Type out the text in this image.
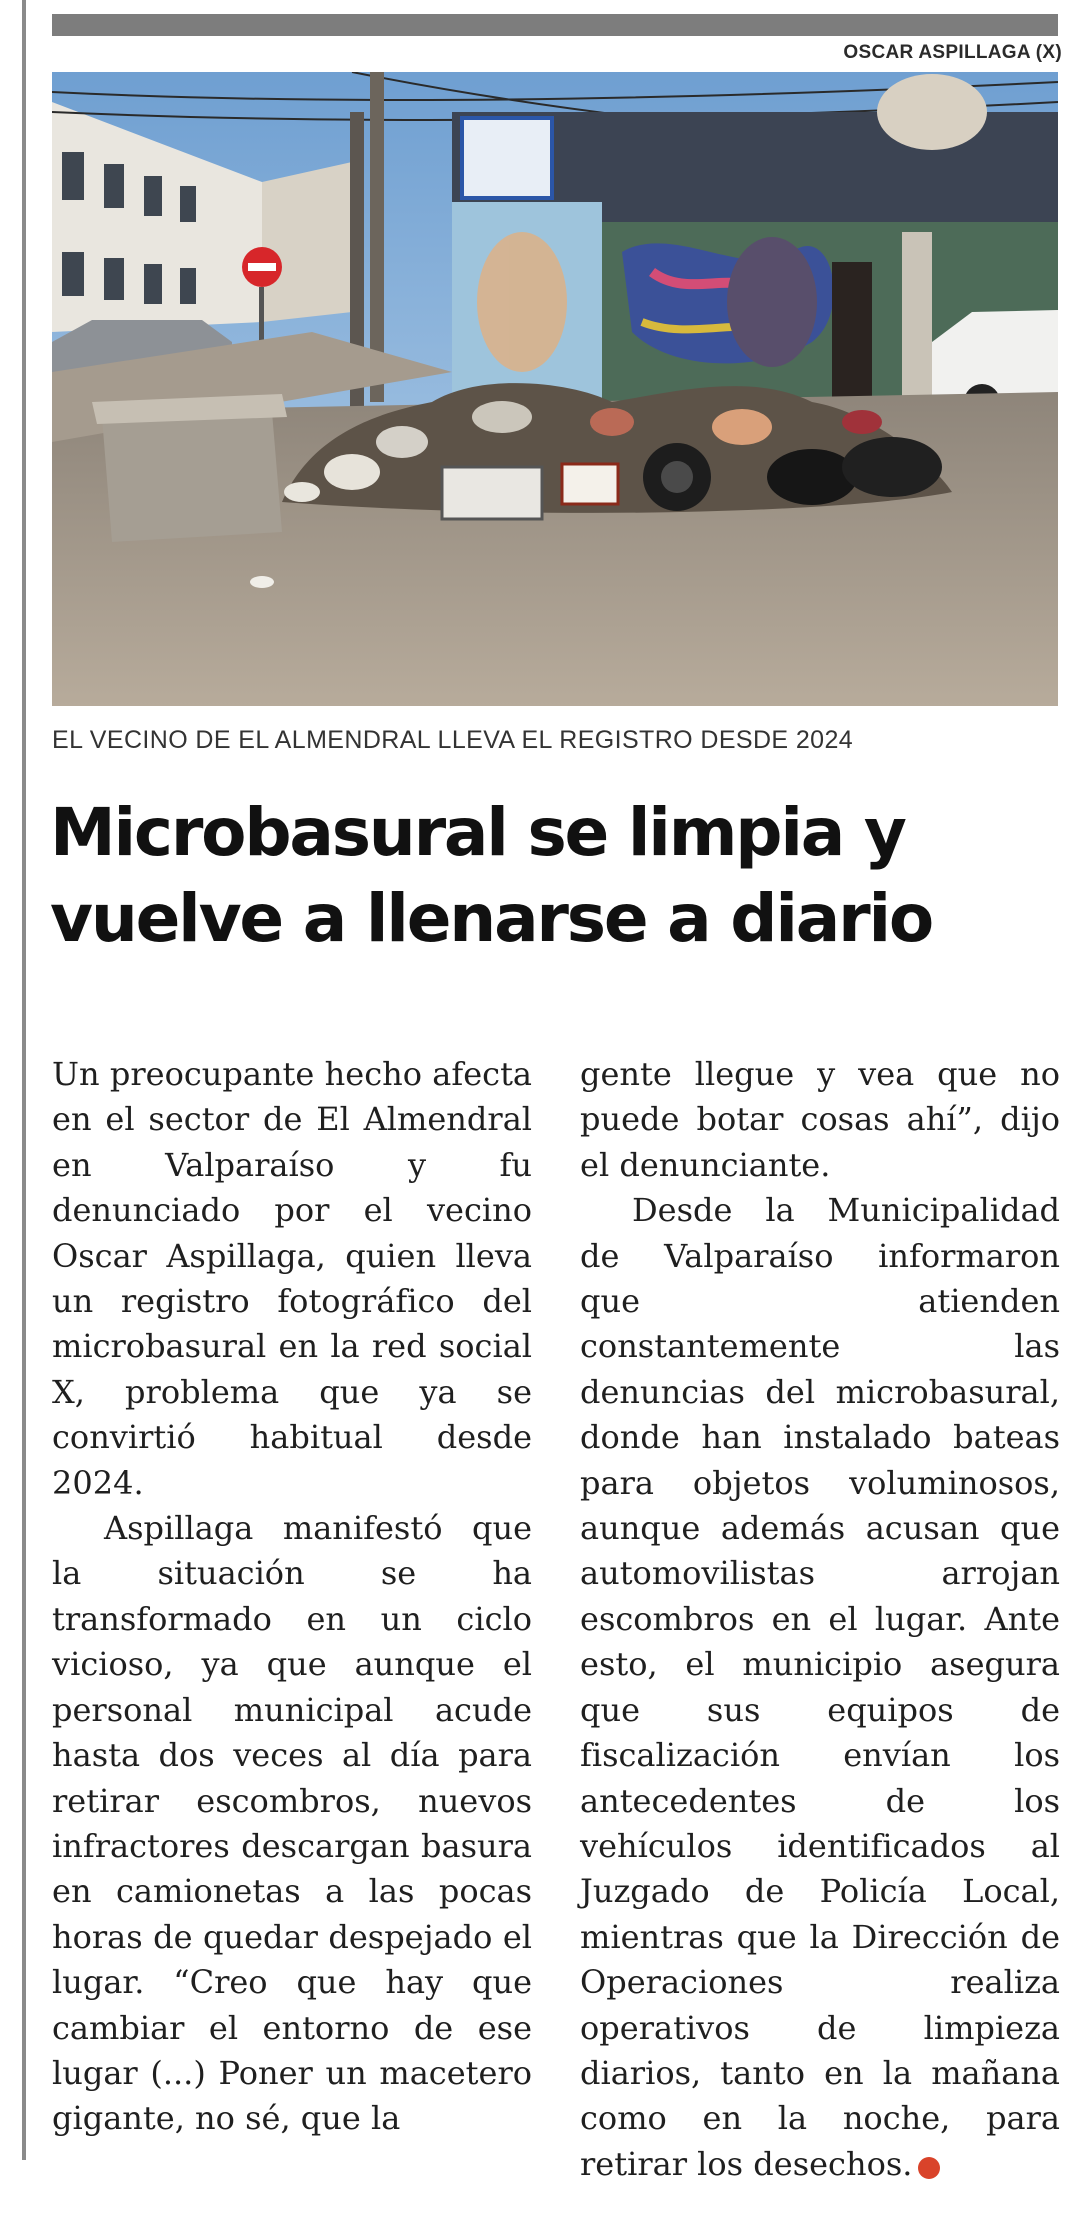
OSCAR ASPILLAGA (X)
EL VECINO DE EL ALMENDRAL LLEVA EL REGISTRO DESDE 2024
Microbasural se limpia y vuelve a llenarse a diario

Un preocupante hecho afecta en el sector de El Almendral en Valparaíso y fu denunciado por el vecino Oscar Aspillaga, quien lleva un registro fotográfico del microbasural en la red social X, problema que ya se convirtió habitual desde 2024.

Aspillaga manifestó que la situación se ha transformado en un ciclo vicioso, ya que aunque el personal municipal acude hasta dos veces al día para retirar escombros, nuevos infractores descargan basura en camionetas a las pocas horas de quedar despejado el lugar. “Creo que hay que cambiar el entorno de ese lugar (...) Poner un macetero gigante, no sé, que la

gente llegue y vea que no puede botar cosas ahí”, dijo el denunciante.

Desde la Municipalidad de Valparaíso informaron que atienden constantemente las denuncias del microbasural, donde han instalado bateas para objetos voluminosos, aunque además acusan que automovilistas arrojan escombros en el lugar. Ante esto, el municipio asegura que sus equipos de fiscalización envían los antecedentes de los vehículos identificados al Juzgado de Policía Local, mientras que la Dirección de Operaciones realiza operativos de limpieza diarios, tanto en la mañana como en la noche, para retirar los desechos.	✪
